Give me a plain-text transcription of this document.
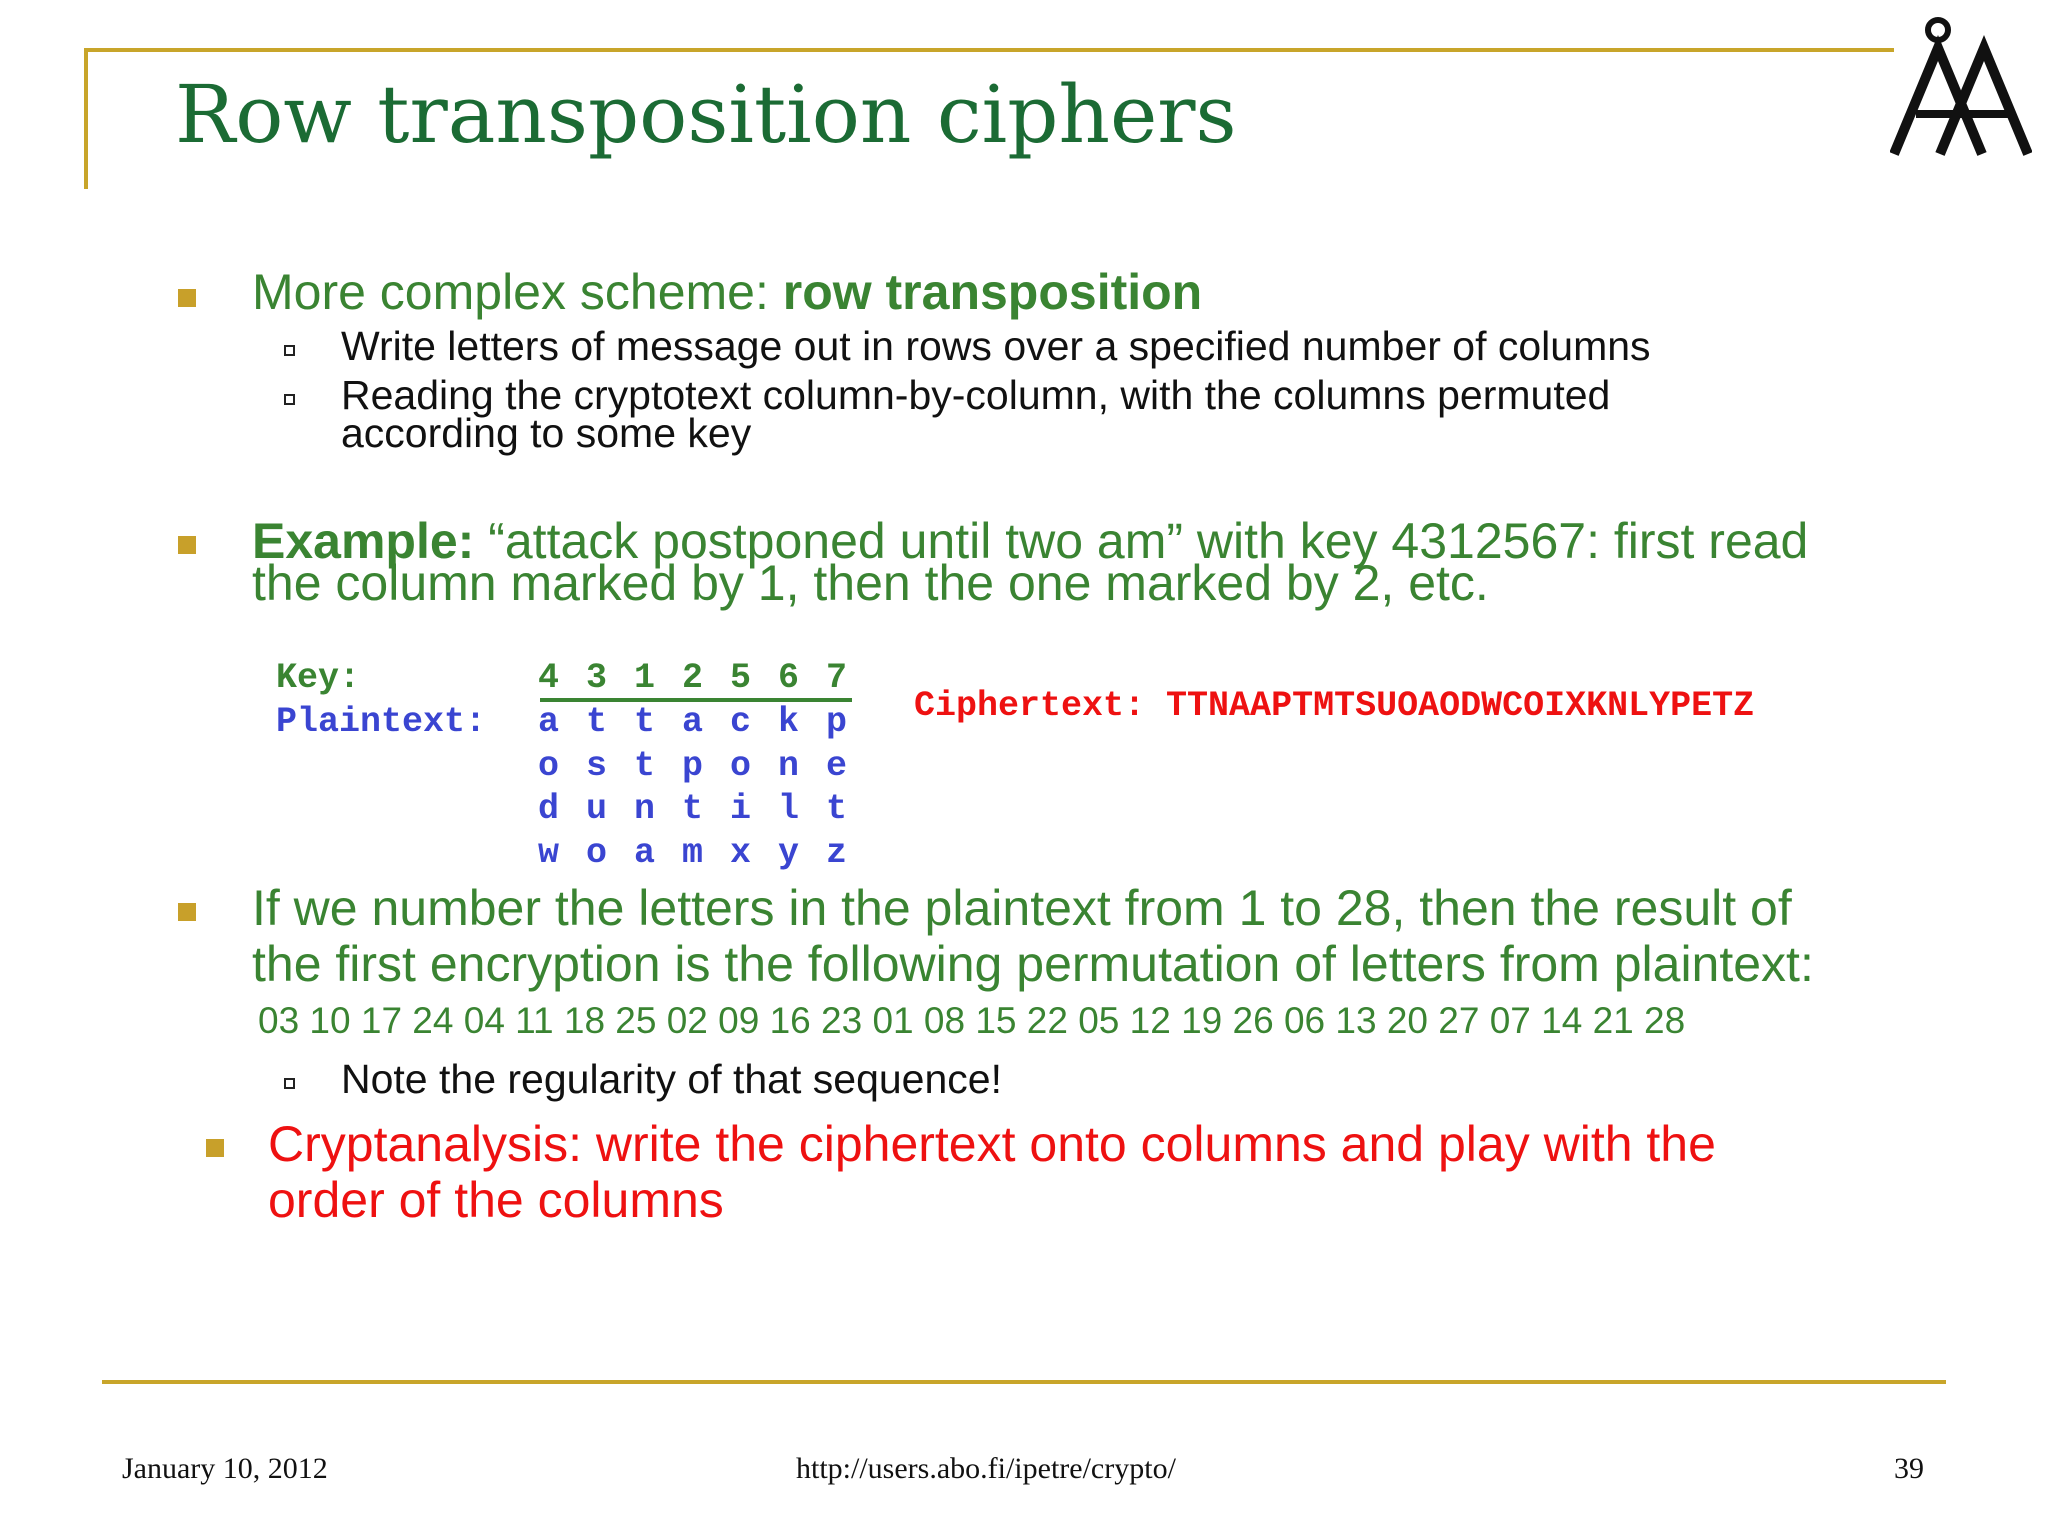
Row transposition ciphers
More complex scheme: row transposition
Write letters of message out in rows over a specified number of columns
Reading the cryptotext column-by-column, with the columns permuted
according to some key
Example: “attack postponed until two am” with key 4312567: first read
the column marked by 1, then the one marked by 2, etc.
Key:
Plaintext:
4 3 1 2 5 6 7
a t t a c k p
o s t p o n e
d u n t i l t
w o a m x y z
Ciphertext: TTNAAPTMTSUOAODWCOIXKNLYPETZ
If we number the letters in the plaintext from 1 to 28, then the result of
the first encryption is the following permutation of letters from plaintext:
03 10 17 24 04 11 18 25 02 09 16 23 01 08 15 22 05 12 19 26 06 13 20 27 07 14 21 28
Note the regularity of that sequence!
Cryptanalysis: write the ciphertext onto columns and play with the
order of the columns
January 10, 2012	http://users.abo.fi/ipetre/crypto/	39
